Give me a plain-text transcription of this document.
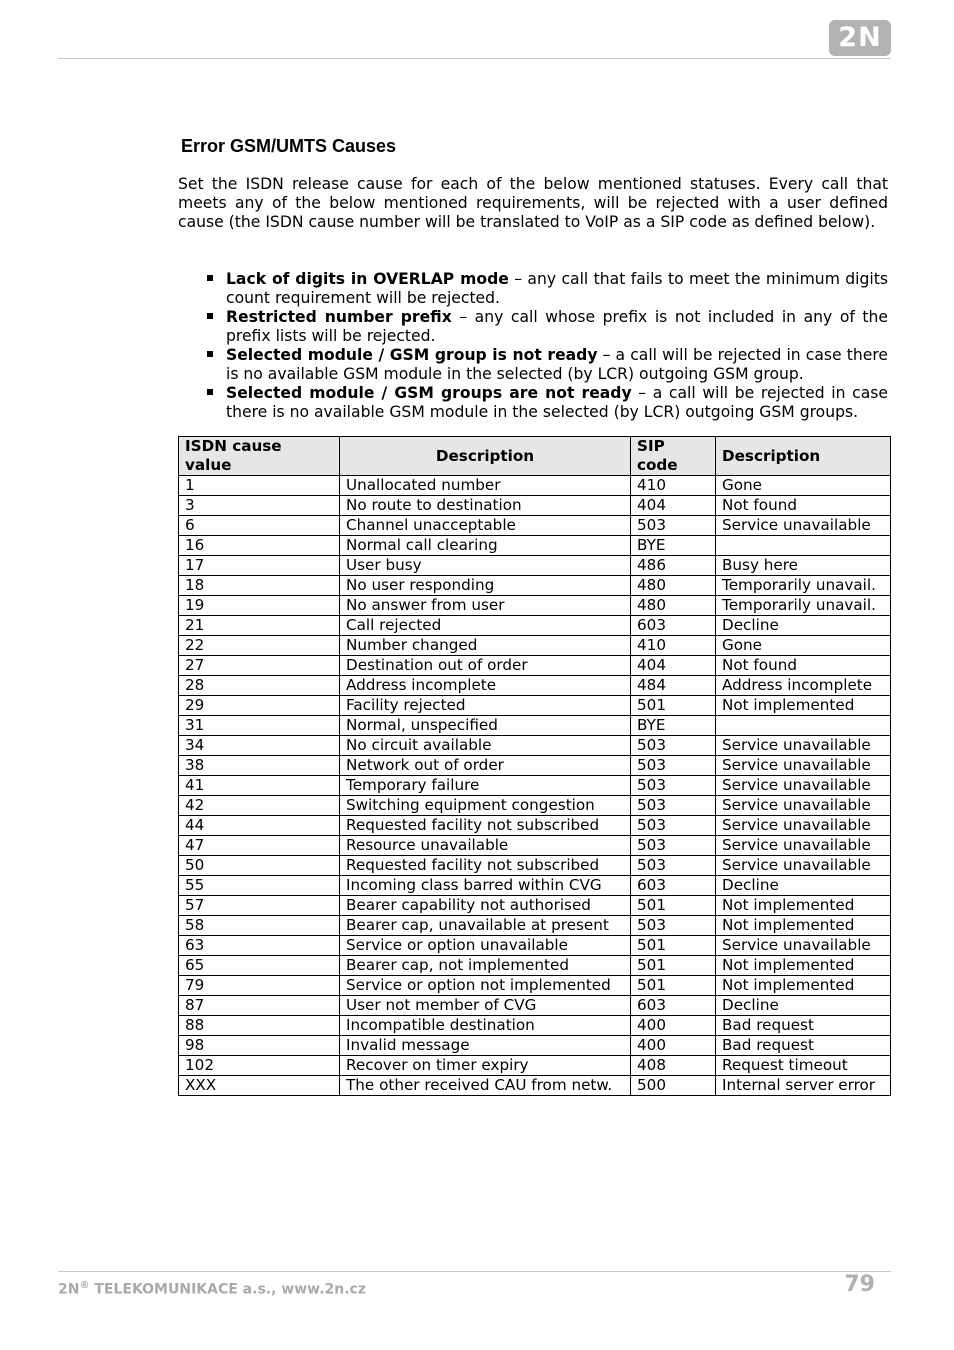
2N
Error GSM/UMTS Causes

Set the ISDN release cause for each of the below mentioned statuses. Every call that meets any of the below mentioned requirements, will be rejected with a user defined cause (the ISDN cause number will be translated to VoIP as a SIP code as defined below).

Lack of digits in OVERLAP mode – any call that fails to meet the minimum digits count requirement will be rejected.
Restricted number prefix – any call whose prefix is not included in any of the prefix lists will be rejected.
Selected module / GSM group is not ready – a call will be rejected in case there is no available GSM module in the selected (by LCR) outgoing GSM group.
Selected module / GSM groups are not ready – a call will be rejected in case there is no available GSM module in the selected (by LCR) outgoing GSM groups.
ISDN cause value	Description	SIP code	Description
1	Unallocated number	410	Gone
3	No route to destination	404	Not found
6	Channel unacceptable	503	Service unavailable
16	Normal call clearing	BYE	
17	User busy	486	Busy here
18	No user responding	480	Temporarily unavail.
19	No answer from user	480	Temporarily unavail.
21	Call rejected	603	Decline
22	Number changed	410	Gone
27	Destination out of order	404	Not found
28	Address incomplete	484	Address incomplete
29	Facility rejected	501	Not implemented
31	Normal, unspecified	BYE	
34	No circuit available	503	Service unavailable
38	Network out of order	503	Service unavailable
41	Temporary failure	503	Service unavailable
42	Switching equipment congestion	503	Service unavailable
44	Requested facility not subscribed	503	Service unavailable
47	Resource unavailable	503	Service unavailable
50	Requested facility not subscribed	503	Service unavailable
55	Incoming class barred within CVG	603	Decline
57	Bearer capability not authorised	501	Not implemented
58	Bearer cap, unavailable at present	503	Not implemented
63	Service or option unavailable	501	Service unavailable
65	Bearer cap, not implemented	501	Not implemented
79	Service or option not implemented	501	Not implemented
87	User not member of CVG	603	Decline
88	Incompatible destination	400	Bad request
98	Invalid message	400	Bad request
102	Recover on timer expiry	408	Request timeout
XXX	The other received CAU from netw.	500	Internal server error
2N® TELEKOMUNIKACE a.s., www.2n.cz	79
